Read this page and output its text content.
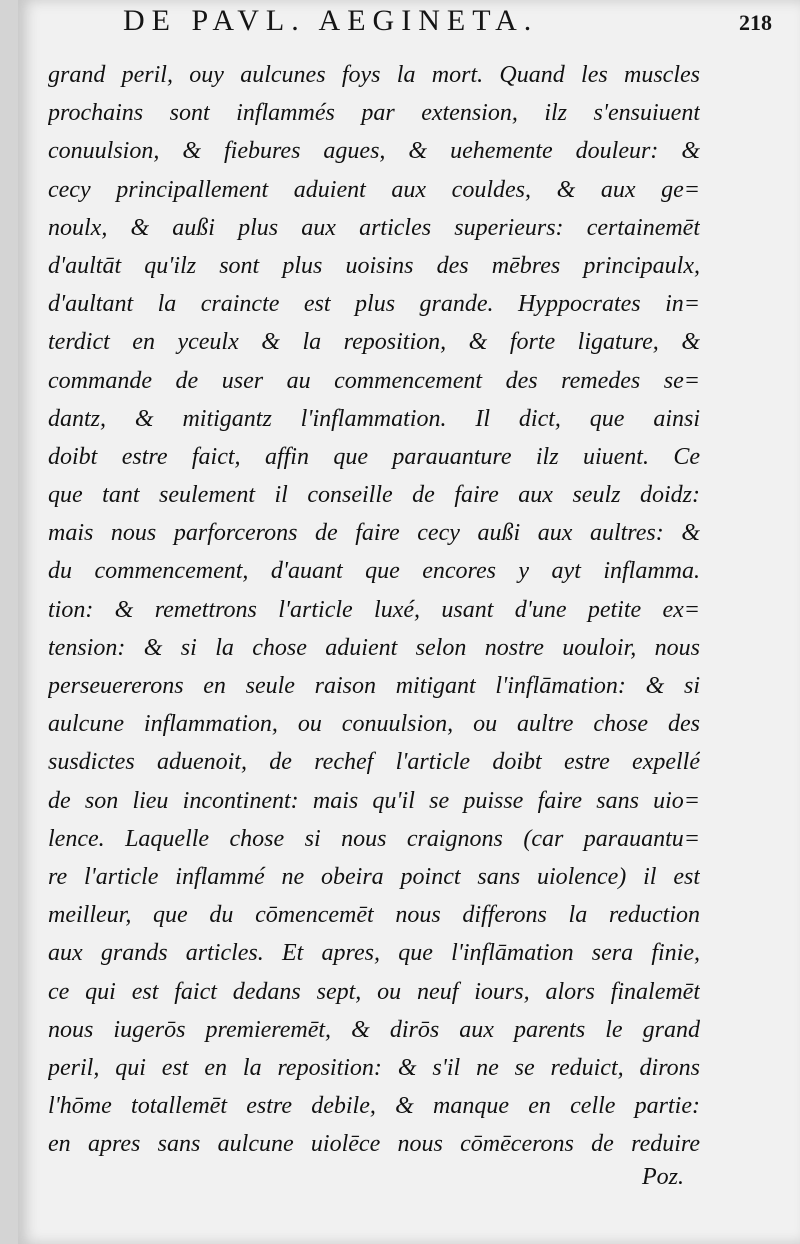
DE PAVL. AEGINETA.	218
grand peril, ouy aulcunes foys la mort. Quand les muscles
prochains sont inflammés par extension, ilz s'ensuiuent
conuulsion, & fiebures agues, & uehemente douleur: &
cecy principallement aduient aux couldes, & aux ge=
noulx, & außi plus aux articles superieurs: certainemēt
d'aultāt qu'ilz sont plus uoisins des mēbres principaulx,
d'aultant la craincte est plus grande. Hyppocrates in=
terdict en yceulx & la reposition, & forte ligature, &
commande de user au commencement des remedes se=
dantz, & mitigantz l'inflammation. Il dict, que ainsi
doibt estre faict, affin que parauanture ilz uiuent. Ce
que tant seulement il conseille de faire aux seulz doidz:
mais nous parforcerons de faire cecy außi aux aultres: &
du commencement, d'auant que encores y ayt inflamma.
tion: & remettrons l'article luxé, usant d'une petite ex=
tension: & si la chose aduient selon nostre uouloir, nous
perseuererons en seule raison mitigant l'inflāmation: & si
aulcune inflammation, ou conuulsion, ou aultre chose des
susdictes aduenoit, de rechef l'article doibt estre expellé
de son lieu incontinent: mais qu'il se puisse faire sans uio=
lence. Laquelle chose si nous craignons (car parauantu=
re l'article inflammé ne obeira poinct sans uiolence) il est
meilleur, que du cōmencemēt nous differons la reduction
aux grands articles. Et apres, que l'inflāmation sera finie,
ce qui est faict dedans sept, ou neuf iours, alors finalemēt
nous iugerōs premieremēt, & dirōs aux parents le grand
peril, qui est en la reposition: & s'il ne se reduict, dirons
l'hōme totallemēt estre debile, & manque en celle partie:
en apres sans aulcune uiolēce nous cōmēcerons de reduire
Poz.
